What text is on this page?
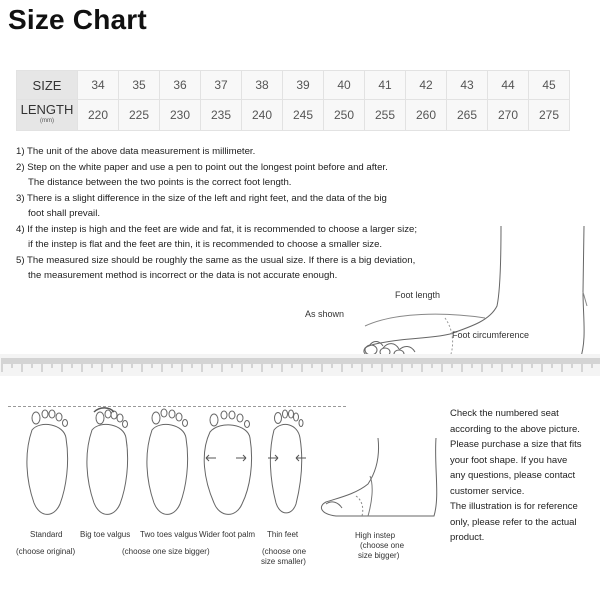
Size Chart
SIZE	34	35	36	37	38	39	40	41	42	43	44	45

LENGTH
(mm)	220	225	230	235	240	245	250	255	260	265	270	275
1) The unit of the above data measurement is millimeter.
2) Step on the white paper and use a pen to point out the longest point before and after.
The distance between the two points is the correct foot length.
3) There is a slight difference in the size of the left and right feet, and the data of the big
foot shall prevail.
4) If the instep is high and the feet are wide and fat, it is recommended to choose a larger size;
if the instep is flat and the feet are thin, it is recommended to choose a smaller size.
5) The measured size should be roughly the same as the usual size. If there is a big deviation,
the measurement method is incorrect or the data is not accurate enough.
Foot length
As shown
Foot circumference
Standard Big toe valgus Two toes valgus Wider foot palm Thin feet
(choose original)	(choose one size bigger)	(choose one
size smaller)
High instep
(choose one
size bigger)
Check the numbered seat
according to the above picture.
Please purchase a size that fits
your foot shape. If you have
any questions, please contact
customer service.
The illustration is for reference
only, please refer to the actual
product.
